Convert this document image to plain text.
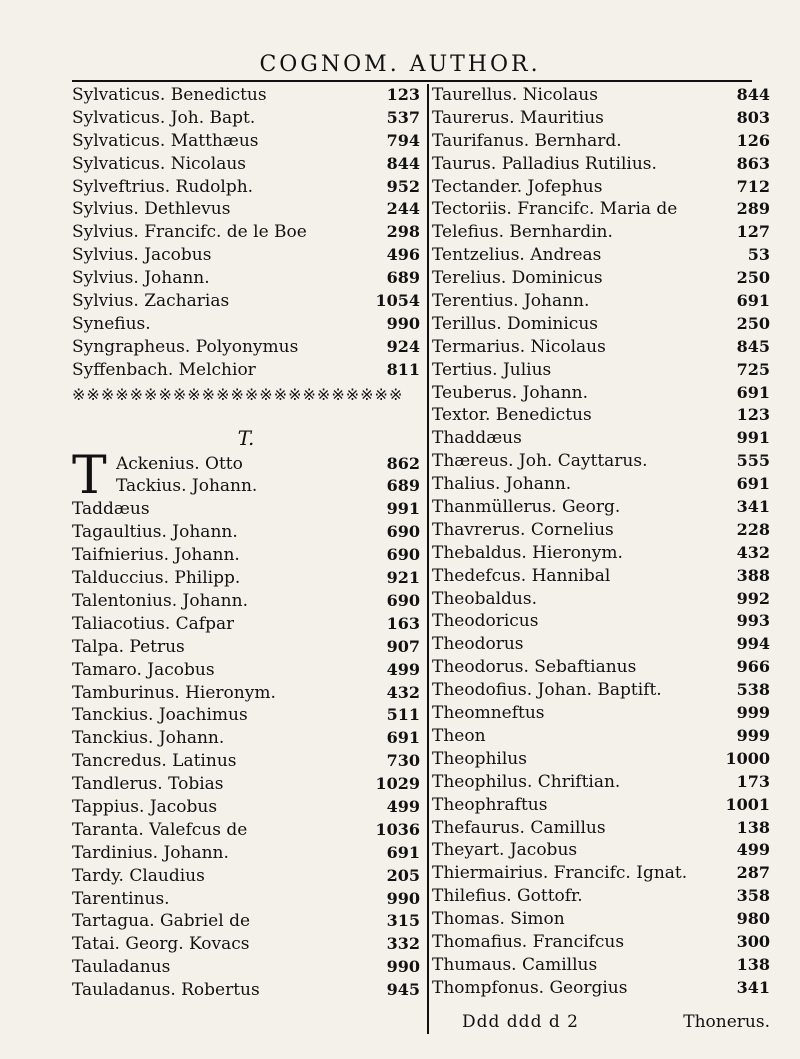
COGNOM. AUTHOR.
Sylvaticus. Benedictus	123
Sylvaticus. Joh. Bapt.	537
Sylvaticus. Matthæus	794
Sylvaticus. Nicolaus	844
Sylveftrius. Rudolph.	952
Sylvius. Dethlevus	244
Sylvius. Francifc. de le Boe	298
Sylvius. Jacobus	496
Sylvius. Johann.	689
Sylvius. Zacharias	1054
Synefius.	990
Syngrapheus. Polyonymus	924
Syffenbach. Melchior	811
※※※※※※※※※※※※※※※※※※※※※※※
T.
T Ackenius. Otto	862
Tackius. Johann.	689
Taddæus	991
Tagaultius. Johann.	690
Taifnierius. Johann.	690
Talduccius. Philipp.	921
Talentonius. Johann.	690
Taliacotius. Cafpar	163
Talpa. Petrus	907
Tamaro. Jacobus	499
Tamburinus. Hieronym.	432
Tanckius. Joachimus	511
Tanckius. Johann.	691
Tancredus. Latinus	730
Tandlerus. Tobias	1029
Tappius. Jacobus	499
Taranta. Valefcus de	1036
Tardinius. Johann.	691
Tardy. Claudius	205
Tarentinus.	990
Tartagua. Gabriel de	315
Tatai. Georg. Kovacs	332
Tauladanus	990
Tauladanus. Robertus	945
Taurellus. Nicolaus	844
Taurerus. Mauritius	803
Taurifanus. Bernhard.	126
Taurus. Palladius Rutilius.	863
Tectander. Jofephus	712
Tectoriis. Francifc. Maria de	289
Telefius. Bernhardin.	127
Tentzelius. Andreas	53
Terelius. Dominicus	250
Terentius. Johann.	691
Terillus. Dominicus	250
Termarius. Nicolaus	845
Tertius. Julius	725
Teuberus. Johann.	691
Textor. Benedictus	123
Thaddæus	991
Thæreus. Joh. Cayttarus.	555
Thalius. Johann.	691
Thanmüllerus. Georg.	341
Thavrerus. Cornelius	228
Thebaldus. Hieronym.	432
Thedefcus. Hannibal	388
Theobaldus.	992
Theodoricus	993
Theodorus	994
Theodorus. Sebaftianus	966
Theodofius. Johan. Baptift.	538
Theomneftus	999
Theon	999
Theophilus	1000
Theophilus. Chriftian.	173
Theophraftus	1001
Thefaurus. Camillus	138
Theyart. Jacobus	499
Thiermairius. Francifc. Ignat.	287
Thilefius. Gottofr.	358
Thomas. Simon	980
Thomafius. Francifcus	300
Thumaus. Camillus	138
Thompfonus. Georgius	341
Ddd ddd d 2	Thonerus.
